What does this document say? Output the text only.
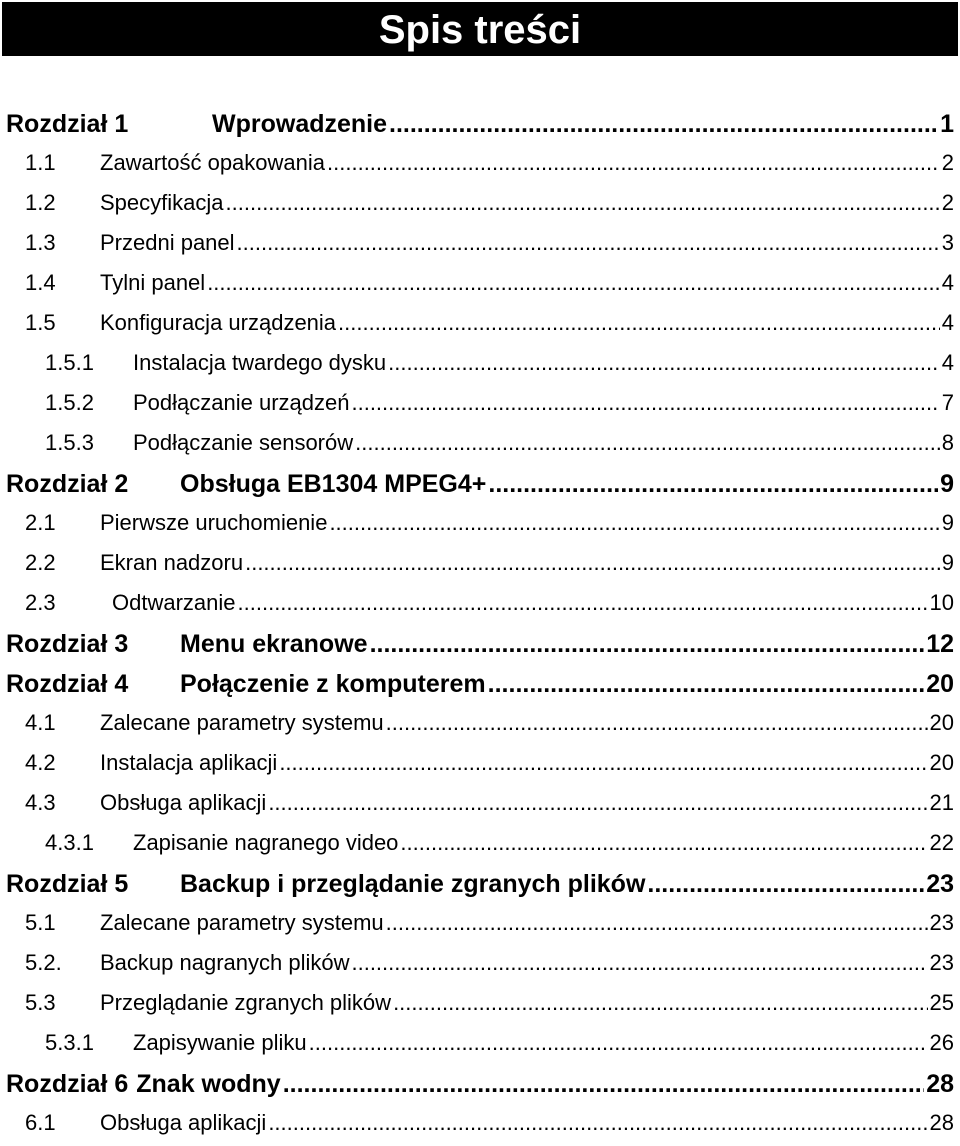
Spis treści
Rozdział 1	Wprowadzenie .....	1
1.1	Zawartość opakowania .....	2
1.2	Specyfikacja .....	2
1.3	Przedni panel .....	3
1.4	Tylni panel .....	4
1.5	Konfiguracja urządzenia .....	4
1.5.1	Instalacja twardego dysku .....	4
1.5.2	Podłączanie urządzeń .....	7
1.5.3	Podłączanie sensorów .....	8
Rozdział 2	Obsługa EB1304 MPEG4+ .....	9
2.1	Pierwsze uruchomienie .....	9
2.2	Ekran nadzoru .....	9
2.3	Odtwarzanie .....	10
Rozdział 3	Menu ekranowe .....	12
Rozdział 4	Połączenie z komputerem .....	20
4.1	Zalecane parametry systemu .....	20
4.2	Instalacja aplikacji .....	20
4.3	Obsługa aplikacji .....	21
4.3.1	Zapisanie nagranego video .....	22
Rozdział 5	Backup i przeglądanie zgranych plików .....	23
5.1	Zalecane parametry systemu .....	23
5.2.	Backup nagranych plików .....	23
5.3	Przeglądanie zgranych plików .....	25
5.3.1	Zapisywanie pliku .....	26
Rozdział 6 Znak wodny .....	28
6.1	Obsługa aplikacji .....	28
